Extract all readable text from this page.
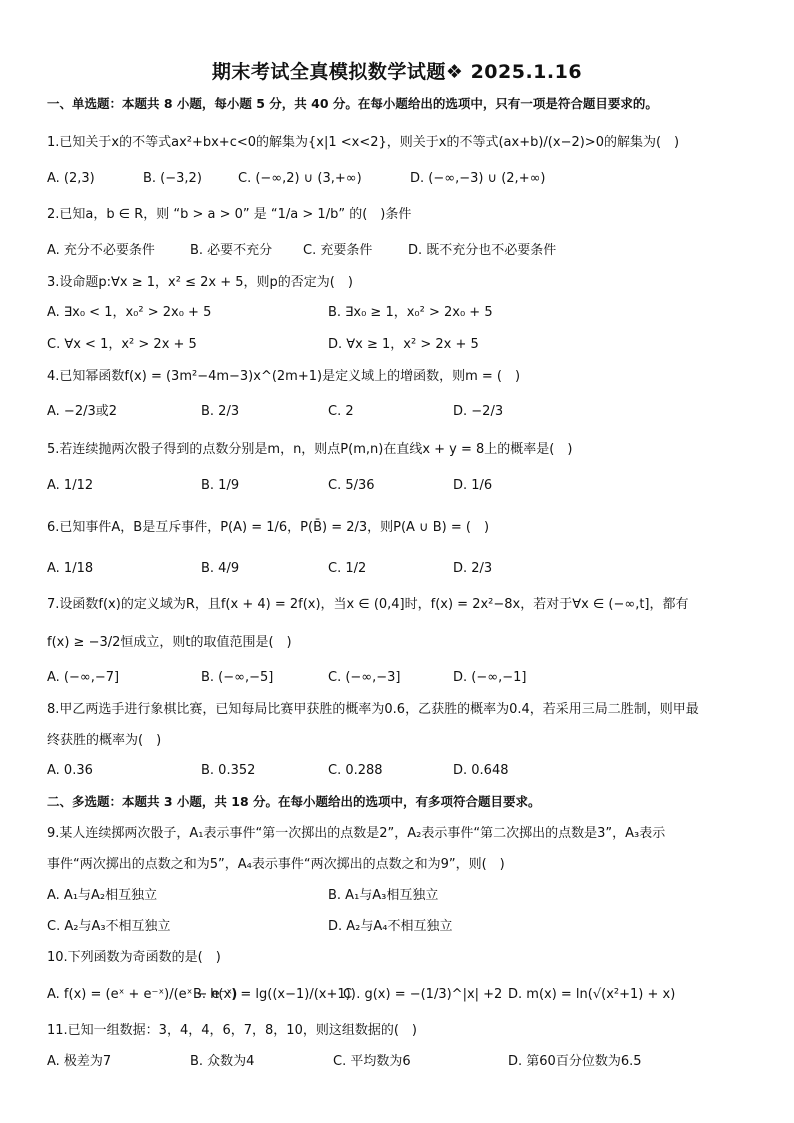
期末考试全真模拟数学试题❖ 2025.1.16
一、单选题：本题共 8 小题，每小题 5 分，共 40 分。在每小题给出的选项中，只有一项是符合题目要求的。
1.已知关于x的不等式ax²+bx+c<0的解集为{x|1 <x<2}，则关于x的不等式(ax+b)/(x−2)>0的解集为(　)
A. (2,3)	B. (−3,2)	C. (−∞,2) ∪ (3,+∞)	D. (−∞,−3) ∪ (2,+∞)
2.已知a，b ∈ R，则 “b > a > 0” 是 “1/a > 1/b” 的(　)条件
A. 充分不必要条件	B. 必要不充分 C. 充要条件	D. 既不充分也不必要条件
3.设命题p:∀x ≥ 1，x² ≤ 2x + 5，则p的否定为(　)
A. ∃x₀ < 1，x₀² > 2x₀ + 5	B. ∃x₀ ≥ 1，x₀² > 2x₀ + 5
C. ∀x < 1，x² > 2x + 5	D. ∀x ≥ 1，x² > 2x + 5
4.已知幂函数f(x) = (3m²−4m−3)x^(2m+1)是定义域上的增函数，则m = (　)
A. −2/3或2	B. 2/3	C. 2	D. −2/3
5.若连续抛两次骰子得到的点数分别是m，n，则点P(m,n)在直线x + y = 8上的概率是(　)
A. 1/12	B. 1/9	C. 5/36	D. 1/6
6.已知事件A，B是互斥事件，P(A) = 1/6，P(B̄) = 2/3，则P(A ∪ B) = (　)
A. 1/18	B. 4/9	C. 1/2	D. 2/3
7.设函数f(x)的定义域为R，且f(x + 4) = 2f(x)，当x ∈ (0,4]时，f(x) = 2x²−8x，若对于∀x ∈ (−∞,t]，都有
f(x) ≥ −3/2恒成立，则t的取值范围是(　)
A. (−∞,−7]	B. (−∞,−5]	C. (−∞,−3]	D. (−∞,−1]
8.甲乙两选手进行象棋比赛，已知每局比赛甲获胜的概率为0.6，乙获胜的概率为0.4，若采用三局二胜制，则甲最
终获胜的概率为(　)
A. 0.36	B. 0.352	C. 0.288	D. 0.648
二、多选题：本题共 3 小题，共 18 分。在每小题给出的选项中，有多项符合题目要求。
9.某人连续掷两次骰子，A₁表示事件“第一次掷出的点数是2”，A₂表示事件“第二次掷出的点数是3”，A₃表示
事件“两次掷出的点数之和为5”，A₄表示事件“两次掷出的点数之和为9”，则(　)
A. A₁与A₂相互独立	B. A₁与A₃相互独立
C. A₂与A₃不相互独立	D. A₂与A₄不相互独立
10.下列函数为奇函数的是(　)
A. f(x) = (eˣ + e⁻ˣ)/(eˣ − e⁻ˣ)
B. h(x) = lg((x−1)/(x+1))
C . g(x) = −(1/3)^|x| +2 D. m(x) = ln(√(x²+1) + x)
11.已知一组数据：3，4，4，6，7，8，10，则这组数据的(　)
A. 极差为7	B. 众数为4	C. 平均数为6	D. 第60百分位数为6.5
